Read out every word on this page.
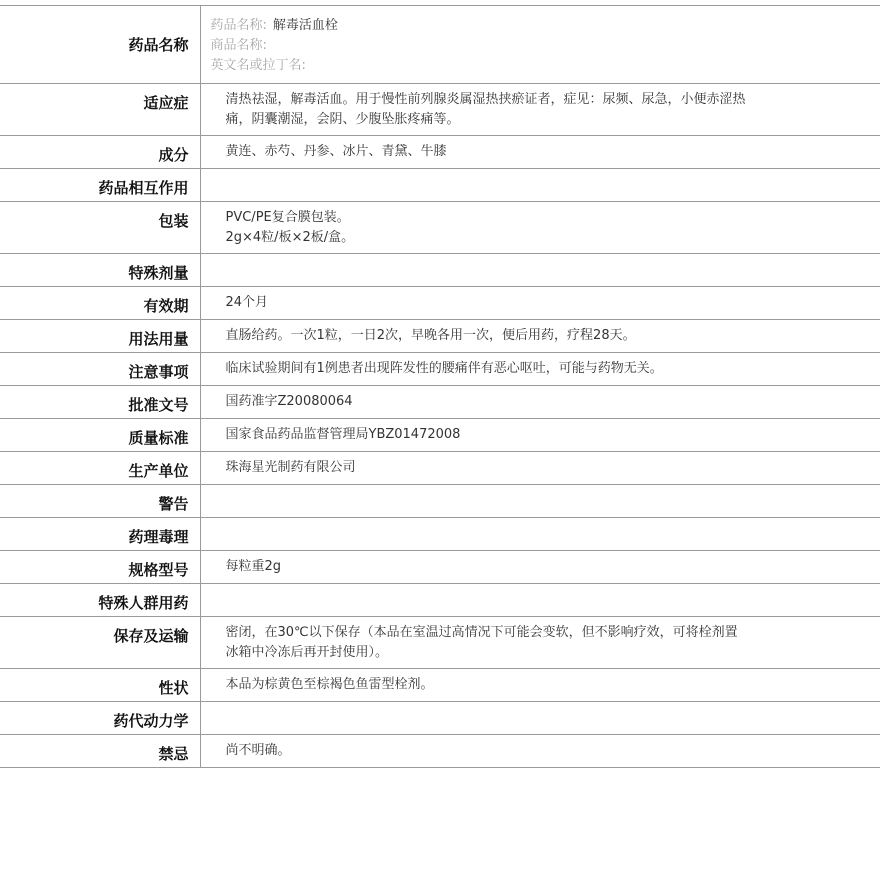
药品名称	药品名称: 解毒活血栓
商品名称:
英文名或拉丁名:

适应症	清热祛湿，解毒活血。用于慢性前列腺炎属湿热挟瘀证者，症见：尿频、尿急，小便赤涩热
痛，阴囊潮湿，会阴、少腹坠胀疼痛等。

成分	黄连、赤芍、丹参、冰片、青黛、牛膝

药品相互作用	
包装	PVC/PE复合膜包装。
2g×4粒/板×2板/盒。

特殊剂量	
有效期	24个月

用法用量	直肠给药。一次1粒，一日2次，早晚各用一次，便后用药，疗程28天。

注意事项	临床试验期间有1例患者出现阵发性的腰痛伴有恶心呕吐，可能与药物无关。

批准文号	国药准字Z20080064

质量标准	国家食品药品监督管理局YBZ01472008

生产单位	珠海星光制药有限公司

警告	
药理毒理	
规格型号	每粒重2g

特殊人群用药	
保存及运输	密闭，在30℃以下保存（本品在室温过高情况下可能会变软，但不影响疗效，可将栓剂置
冰箱中冷冻后再开封使用）。

性状	本品为棕黄色至棕褐色鱼雷型栓剂。

药代动力学	
禁忌	尚不明确。
